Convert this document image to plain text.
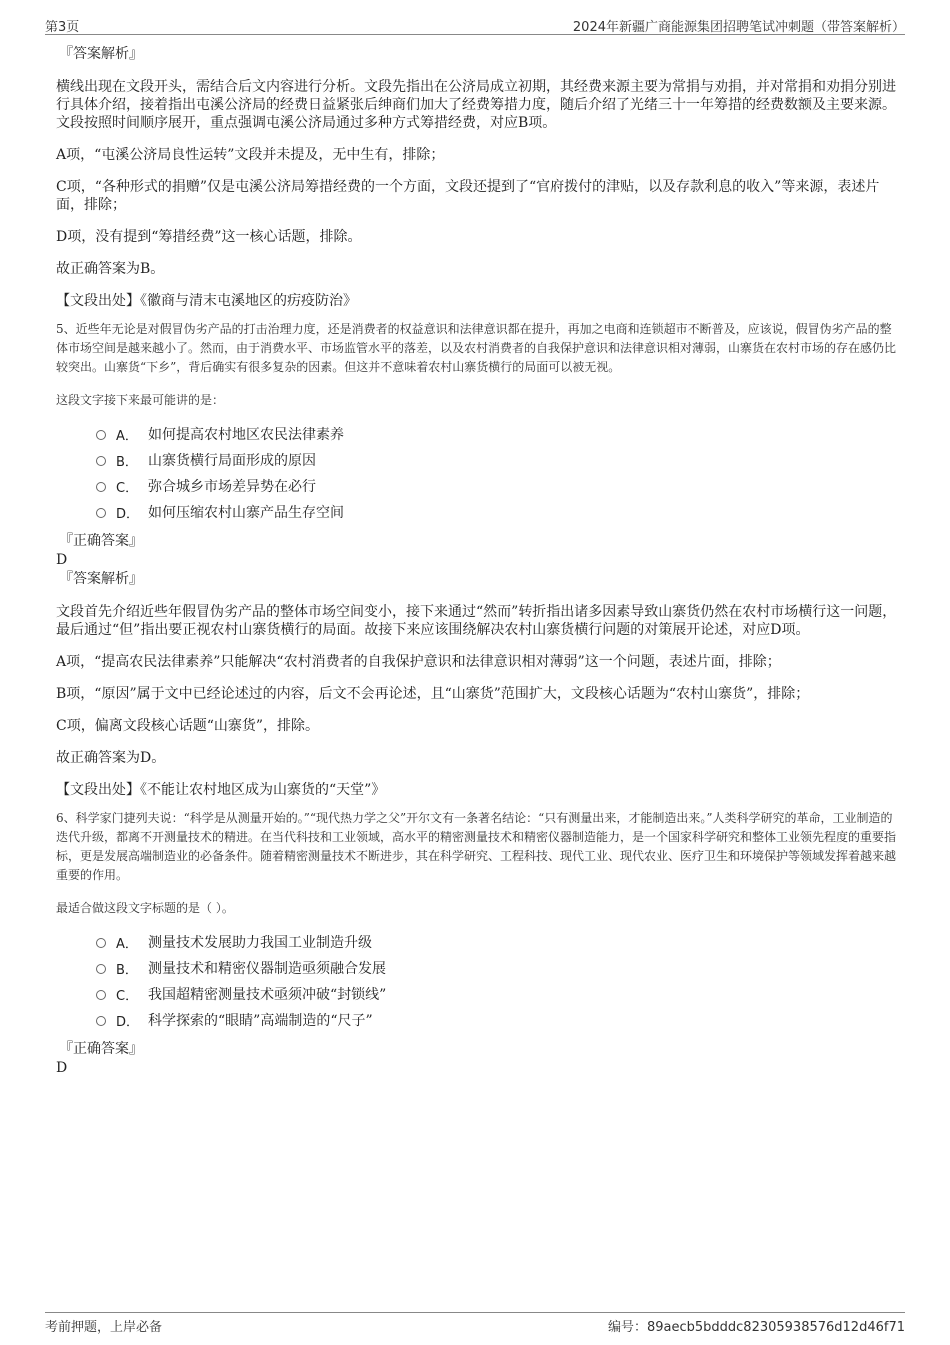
第3页	2024年新疆广商能源集团招聘笔试冲刺题（带答案解析）
『答案解析』

横线出现在文段开头，需结合后文内容进行分析。文段先指出在公济局成立初期，其经费来源主要为常捐与劝捐，并对常捐和劝捐分别进行具体介绍，接着指出屯溪公济局的经费日益紧张后绅商们加大了经费筹措力度，随后介绍了光绪三十一年筹措的经费数额及主要来源。文段按照时间顺序展开，重点强调屯溪公济局通过多种方式筹措经费，对应B项。

A项，“屯溪公济局良性运转”文段并未提及，无中生有，排除；

C项，“各种形式的捐赠”仅是屯溪公济局筹措经费的一个方面，文段还提到了“官府拨付的津贴，以及存款利息的收入”等来源，表述片面，排除；

D项，没有提到“筹措经费”这一核心话题，排除。

故正确答案为B。

【文段出处】《徽商与清末屯溪地区的疠疫防治》

5、近些年无论是对假冒伪劣产品的打击治理力度，还是消费者的权益意识和法律意识都在提升，再加之电商和连锁超市不断普及，应该说，假冒伪劣产品的整体市场空间是越来越小了。然而，由于消费水平、市场监管水平的落差，以及农村消费者的自我保护意识和法律意识相对薄弱，山寨货在农村市场的存在感仍比较突出。山寨货“下乡”，背后确实有很多复杂的因素。但这并不意味着农村山寨货横行的局面可以被无视。

这段文字接下来最可能讲的是：

A． 如何提高农村地区农民法律素养
B． 山寨货横行局面形成的原因
C． 弥合城乡市场差异势在必行
D． 如何压缩农村山寨产品生存空间
『正确答案』
D
『答案解析』

文段首先介绍近些年假冒伪劣产品的整体市场空间变小，接下来通过“然而”转折指出诸多因素导致山寨货仍然在农村市场横行这一问题，最后通过“但”指出要正视农村山寨货横行的局面。故接下来应该围绕解决农村山寨货横行问题的对策展开论述，对应D项。

A项，“提高农民法律素养”只能解决“农村消费者的自我保护意识和法律意识相对薄弱”这一个问题，表述片面，排除；

B项，“原因”属于文中已经论述过的内容，后文不会再论述，且“山寨货”范围扩大，文段核心话题为“农村山寨货”，排除；

C项，偏离文段核心话题“山寨货”，排除。

故正确答案为D。

【文段出处】《不能让农村地区成为山寨货的“天堂”》

6、科学家门捷列夫说：“科学是从测量开始的。”“现代热力学之父”开尔文有一条著名结论：“只有测量出来，才能制造出来。”人类科学研究的革命，工业制造的迭代升级，都离不开测量技术的精进。在当代科技和工业领域，高水平的精密测量技术和精密仪器制造能力，是一个国家科学研究和整体工业领先程度的重要指标，更是发展高端制造业的必备条件。随着精密测量技术不断进步，其在科学研究、工程科技、现代工业、现代农业、医疗卫生和环境保护等领域发挥着越来越重要的作用。

最适合做这段文字标题的是（ ）。

A． 测量技术发展助力我国工业制造升级
B． 测量技术和精密仪器制造亟须融合发展
C． 我国超精密测量技术亟须冲破“封锁线”
D． 科学探索的“眼睛”高端制造的“尺子”
『正确答案』
D
考前押题，上岸必备	编号：89aecb5bdddc82305938576d12d46f71
